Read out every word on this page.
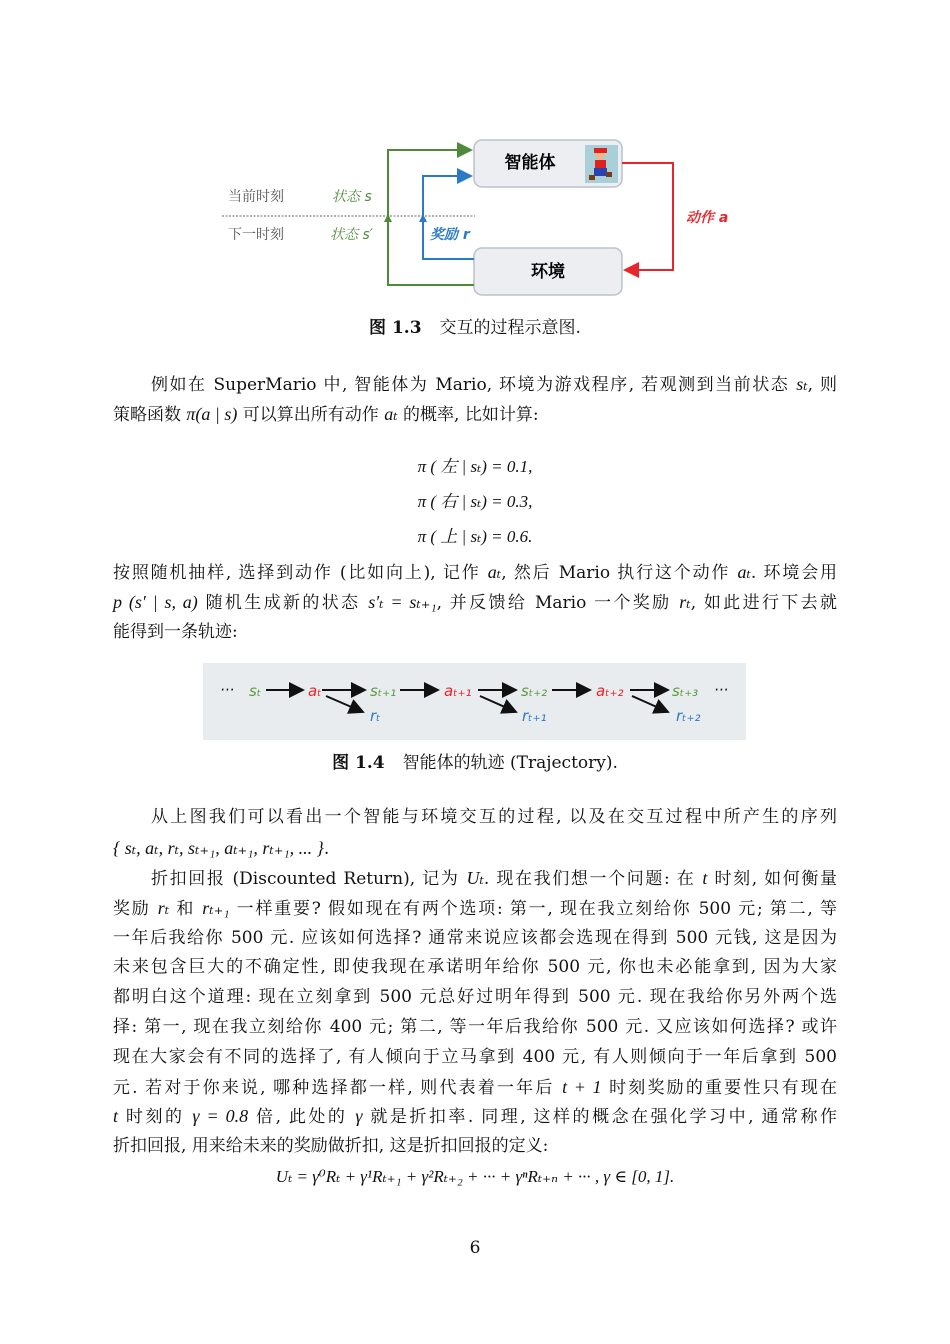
智能体
环境
当前时刻
下一时刻
状态 s
状态 s′	奖励 r
动作 a
图 1.3 交互的过程示意图.
例如在 SuperMario 中, 智能体为 Mario, 环境为游戏程序, 若观测到当前状态 sₜ, 则
策略函数 π(a | s) 可以算出所有动作 aₜ 的概率, 比如计算:
π ( 左 | sₜ) = 0.1,
π ( 右 | sₜ) = 0.3,
π ( 上 | sₜ) = 0.6.
按照随机抽样, 选择到动作 (比如向上), 记作 aₜ, 然后 Mario 执行这个动作 aₜ. 环境会用
p (s′ | s, a) 随机生成新的状态 s′ₜ = sₜ₊₁, 并反馈给 Mario 一个奖励 rₜ, 如此进行下去就
能得到一条轨迹:
···	···
sₜ	sₜ₊₁	sₜ₊₂	sₜ₊₃
aₜ	aₜ₊₁	aₜ₊₂
rₜ	rₜ₊₁	rₜ₊₂
图 1.4 智能体的轨迹 (Trajectory).
从上图我们可以看出一个智能与环境交互的过程, 以及在交互过程中所产生的序列
{ sₜ, aₜ, rₜ, sₜ₊₁, aₜ₊₁, rₜ₊₁, ... }.
折扣回报 (Discounted Return), 记为 Uₜ. 现在我们想一个问题: 在 t 时刻, 如何衡量
奖励 rₜ 和 rₜ₊₁ 一样重要? 假如现在有两个选项: 第一, 现在我立刻给你 500 元; 第二, 等
一年后我给你 500 元. 应该如何选择? 通常来说应该都会选现在得到 500 元钱, 这是因为
未来包含巨大的不确定性, 即使我现在承诺明年给你 500 元, 你也未必能拿到, 因为大家
都明白这个道理: 现在立刻拿到 500 元总好过明年得到 500 元. 现在我给你另外两个选
择: 第一, 现在我立刻给你 400 元; 第二, 等一年后我给你 500 元. 又应该如何选择? 或许
现在大家会有不同的选择了, 有人倾向于立马拿到 400 元, 有人则倾向于一年后拿到 500
元. 若对于你来说, 哪种选择都一样, 则代表着一年后 t + 1 时刻奖励的重要性只有现在
t 时刻的 γ = 0.8 倍, 此处的 γ 就是折扣率. 同理, 这样的概念在强化学习中, 通常称作
折扣回报, 用来给未来的奖励做折扣, 这是折扣回报的定义:
Uₜ = γ⁰Rₜ + γ¹Rₜ₊₁ + γ²Rₜ₊₂ + ··· + γⁿRₜ₊ₙ + ··· , γ ∈ [0, 1].
6
